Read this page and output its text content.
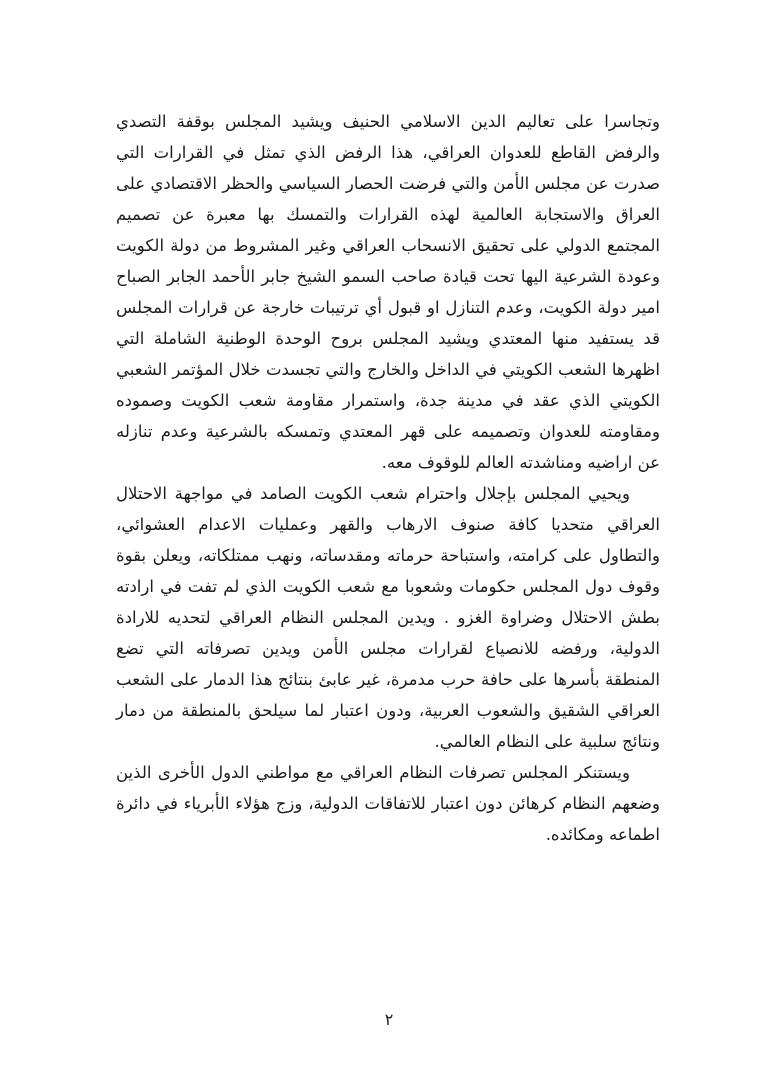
وتجاسرا على تعاليم الدين الاسلامي الحنيف ويشيد المجلس بوقفة التصدي والرفض القاطع للعدوان العراقي، هذا الرفض الذي تمثل في القرارات التي صدرت عن مجلس الأمن والتي فرضت الحصار السياسي والحظر الاقتصادي على العراق والاستجابة العالمية لهذه القرارات والتمسك بها معبرة عن تصميم المجتمع الدولي على تحقيق الانسحاب العراقي وغير المشروط من دولة الكويت وعودة الشرعية اليها تحت قيادة صاحب السمو الشيخ جابر الأحمد الجابر الصباح امير دولة الكويت، وعدم التنازل او قبول أي ترتيبات خارجة عن قرارات المجلس قد يستفيد منها المعتدي ويشيد المجلس بروح الوحدة الوطنية الشاملة التي اظهرها الشعب الكويتي في الداخل والخارج والتي تجسدت خلال المؤتمر الشعبي الكويتي الذي عقد في مدينة جدة، واستمرار مقاومة شعب الكويت وصموده ومقاومته للعدوان وتصميمه على قهر المعتدي وتمسكه بالشرعية وعدم تنازله عن اراضيه ومناشدته العالم للوقوف معه.

ويحيي المجلس بإجلال واحترام شعب الكويت الصامد في مواجهة الاحتلال العراقي متحديا كافة صنوف الارهاب والقهر وعمليات الاعدام العشوائي، والتطاول على كرامته، واستباحة حرماته ومقدساته، ونهب ممتلكاته، ويعلن بقوة وقوف دول المجلس حكومات وشعوبا مع شعب الكويت الذي لم تفت في ارادته بطش الاحتلال وضراوة الغزو . ويدين المجلس النظام العراقي لتحديه للارادة الدولية، ورفضه للانصياع لقرارات مجلس الأمن ويدين تصرفاته التي تضع المنطقة بأسرها على حافة حرب مدمرة، غير عابئ بنتائج هذا الدمار على الشعب العراقي الشقيق والشعوب العربية، ودون اعتبار لما سيلحق بالمنطقة من دمار ونتائج سلبية على النظام العالمي.

ويستنكر المجلس تصرفات النظام العراقي مع مواطني الدول الأخرى الذين وضعهم النظام كرهائن دون اعتبار للاتفاقات الدولية، وزج هؤلاء الأبرياء في دائرة اطماعه ومكائده.

٢
